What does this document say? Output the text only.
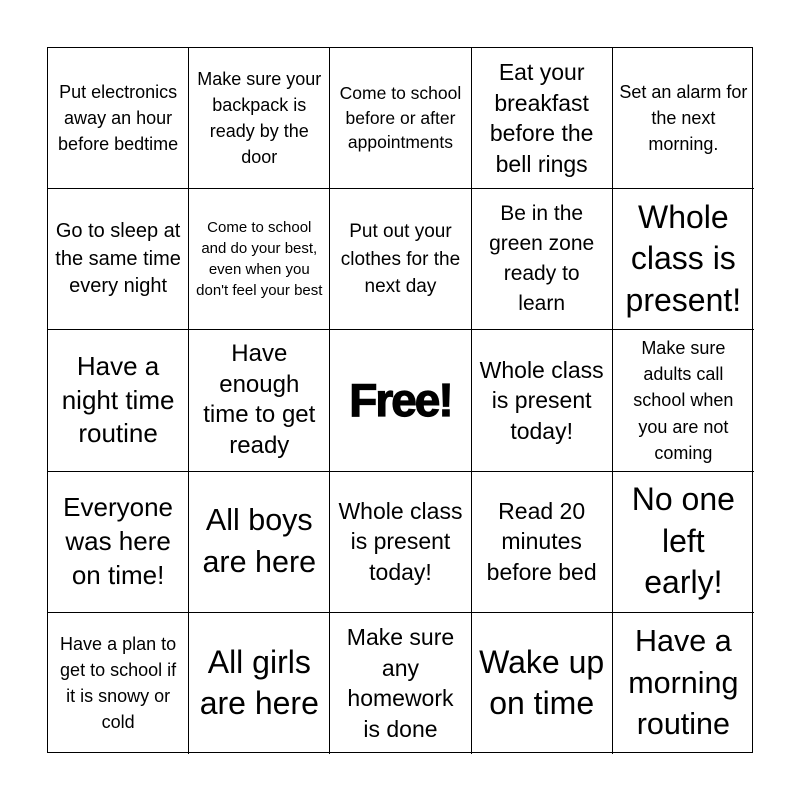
Put electronics away an hour before bedtime
Make sure your backpack is ready by the door
Come to school before or after appointments
Eat your breakfast before the bell rings
Set an alarm for the next morning.
Go to sleep at the same time every night
Come to school and do your best, even when you don't feel your best
Put out your clothes for the next day
Be in the green zone ready to learn
Whole class is present!
Have a night time routine
Have enough time to get ready
Free!
Whole class is present today!
Make sure adults call school when you are not coming
Everyone was here on time!
All boys are here
Whole class is present today!
Read 20 minutes before bed
No one left early!
Have a plan to get to school if it is snowy or cold
All girls are here
Make sure any homework is done
Wake up on time
Have a morning routine
